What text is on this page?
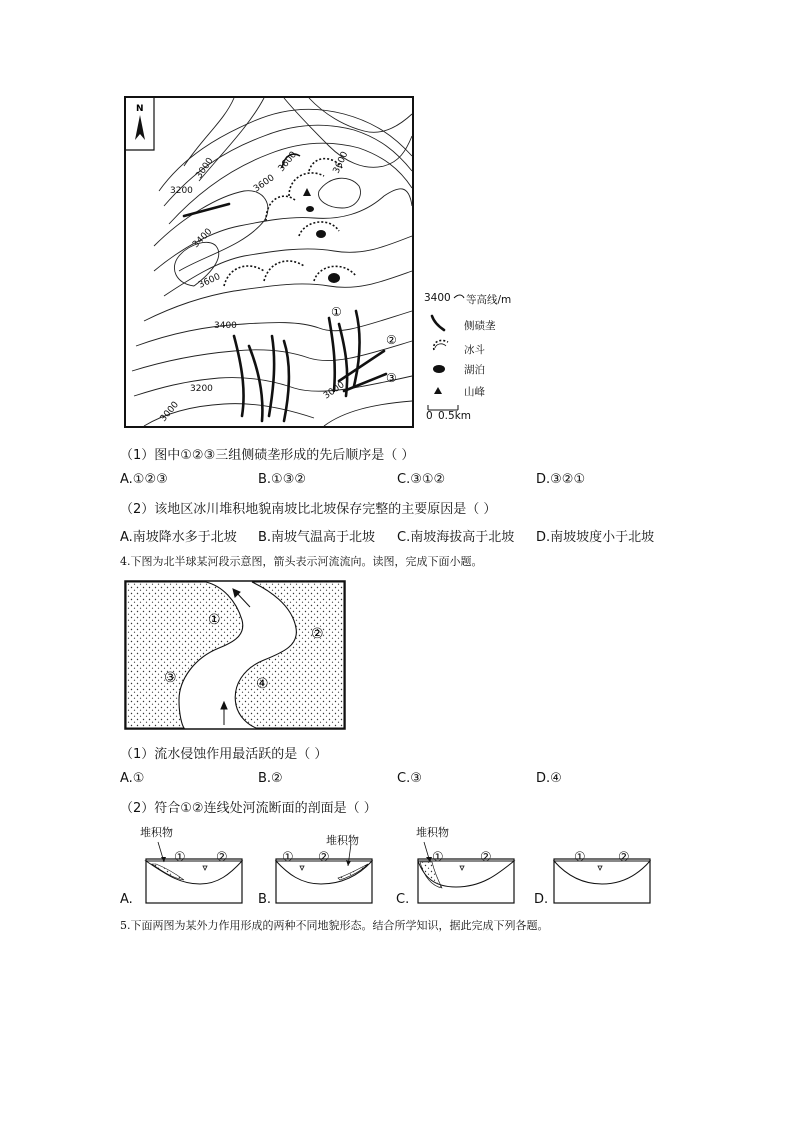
N
3000
3600
3200
3600
3600
3400
3600
3400
3200	3000
3000
①
②
③
3400 等高线/m
侧碛垄
冰斗
湖泊
山峰
0 0.5km
（1）图中①②③三组侧碛垄形成的先后顺序是（ ）
A.①②③	B.①③②	C.③①②	D.③②①
（2）该地区冰川堆积地貌南坡比北坡保存完整的主要原因是（ ）
A.南坡降水多于北坡 B.南坡气温高于北坡 C.南坡海拔高于北坡 D.南坡坡度小于北坡
4.下图为北半球某河段示意图，箭头表示河流流向。读图，完成下面小题。
①
②
③	④
（1）流水侵蚀作用最活跃的是（ ）
A.①	B.②	C.③	D.④
（2）符合①②连线处河流断面的剖面是（ ）
堆积物
① ②
A.
堆积物
① ②
B.
堆积物
①	②
C.
① ②
D.
5.下面两图为某外力作用形成的两种不同地貌形态。结合所学知识，据此完成下列各题。
